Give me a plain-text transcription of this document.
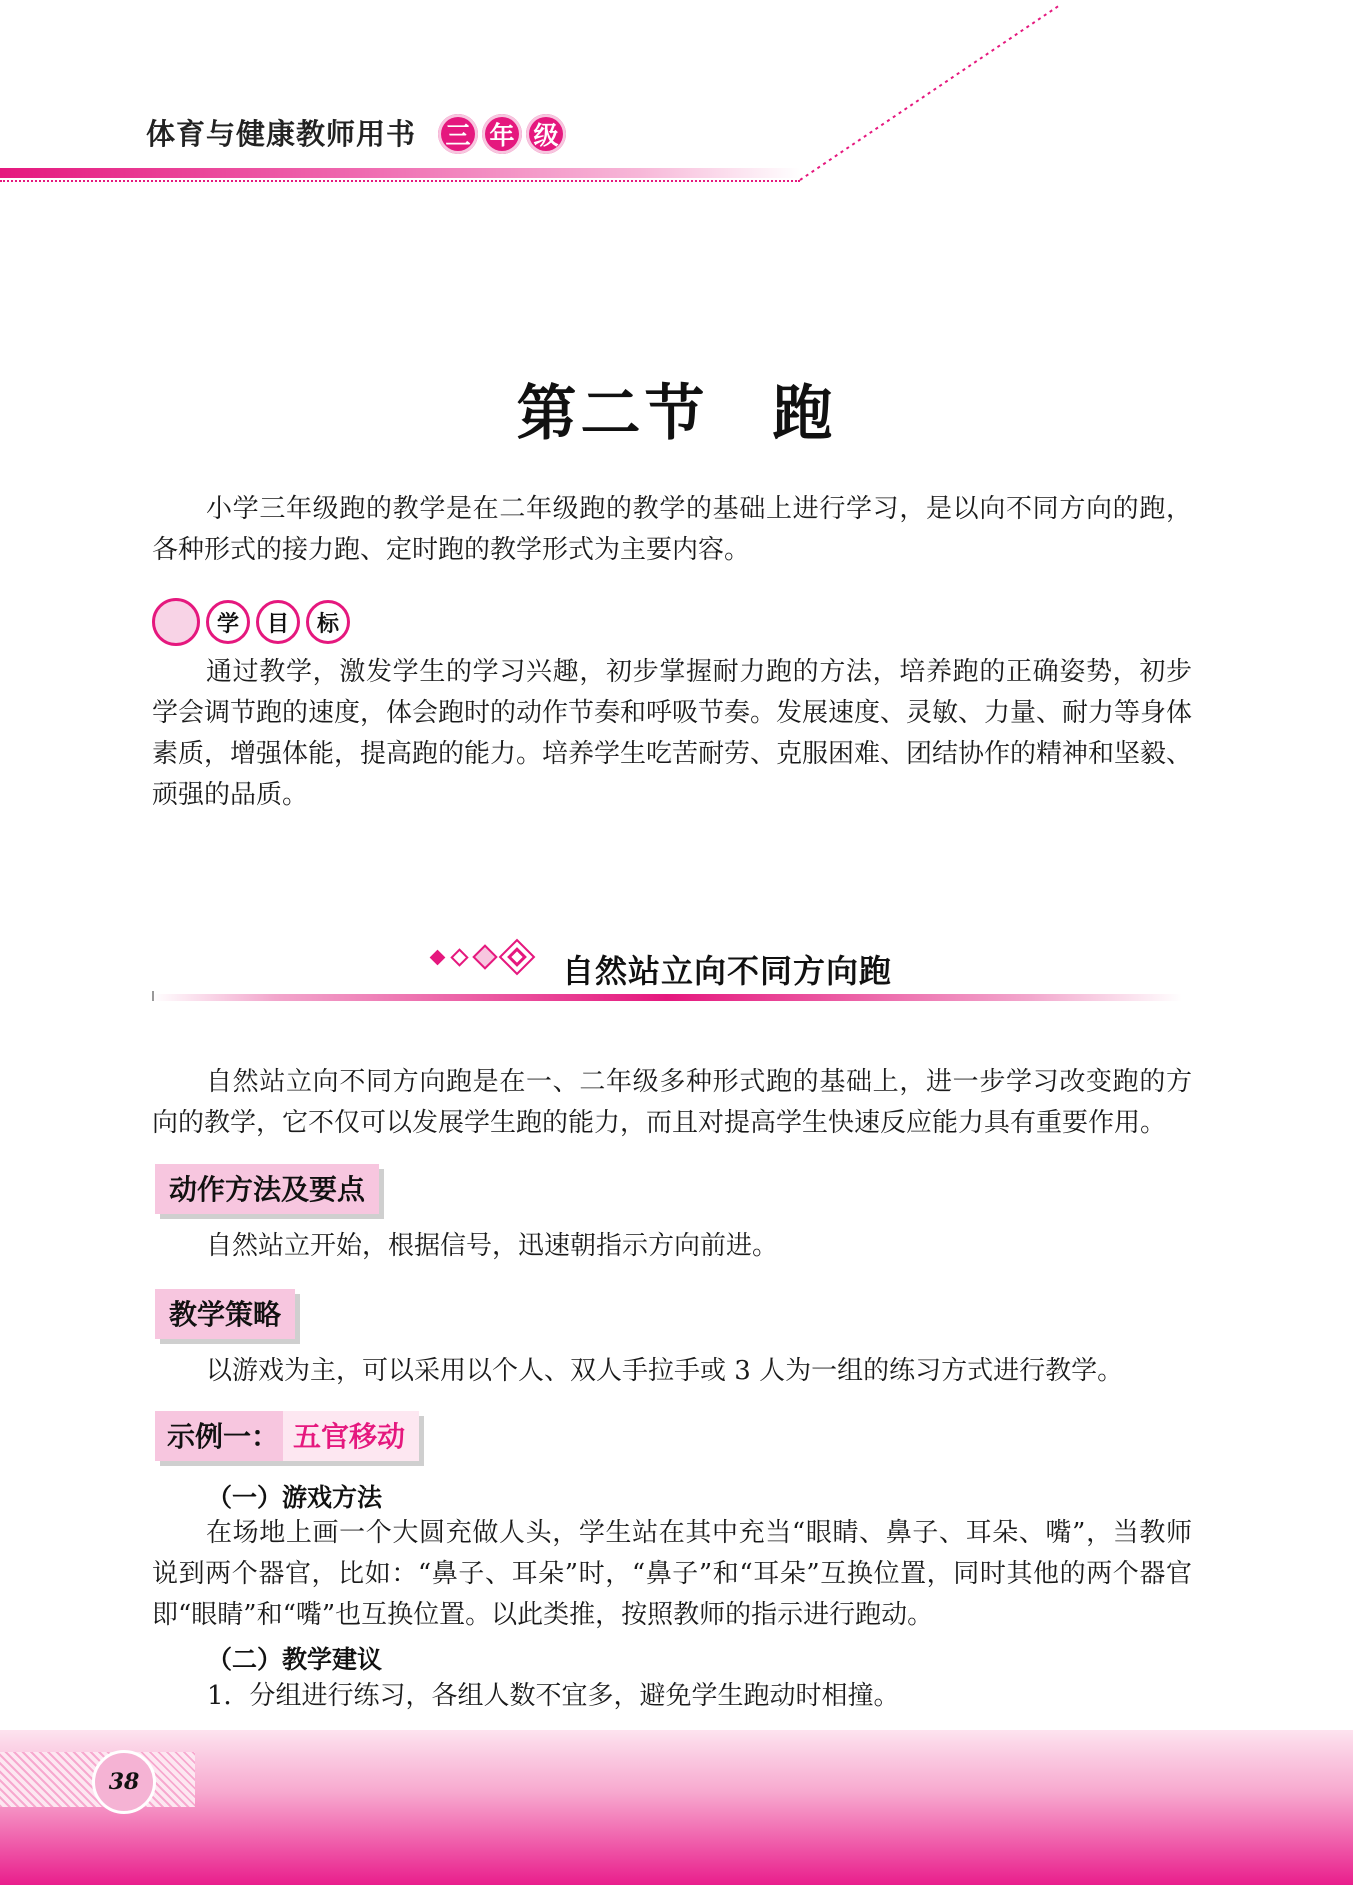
体育与健康教师用书 三 年 级
第二节 跑

小学三年级跑的教学是在二年级跑的教学的基础上进行学习，是以向不同方向的跑，各种形式的接力跑、定时跑的教学形式为主要内容。

学	目	标

通过教学，激发学生的学习兴趣，初步掌握耐力跑的方法，培养跑的正确姿势，初步学会调节跑的速度，体会跑时的动作节奏和呼吸节奏。发展速度、灵敏、力量、耐力等身体素质，增强体能，提高跑的能力。培养学生吃苦耐劳、克服困难、团结协作的精神和坚毅、顽强的品质。

自然站立向不同方向跑

自然站立向不同方向跑是在一、二年级多种形式跑的基础上，进一步学习改变跑的方向的教学，它不仅可以发展学生跑的能力，而且对提高学生快速反应能力具有重要作用。

动作方法及要点

自然站立开始，根据信号，迅速朝指示方向前进。

教学策略

以游戏为主，可以采用以个人、双人手拉手或 3 人为一组的练习方式进行教学。

示例一： 五官移动
（一）游戏方法

在场地上画一个大圆充做人头，学生站在其中充当“眼睛、鼻子、耳朵、嘴”，当教师说到两个器官，比如：“鼻子、耳朵”时，“鼻子”和“耳朵”互换位置，同时其他的两个器官即“眼睛”和“嘴”也互换位置。以此类推，按照教师的指示进行跑动。

（二）教学建议
1．分组进行练习，各组人数不宜多，避免学生跑动时相撞。
38
